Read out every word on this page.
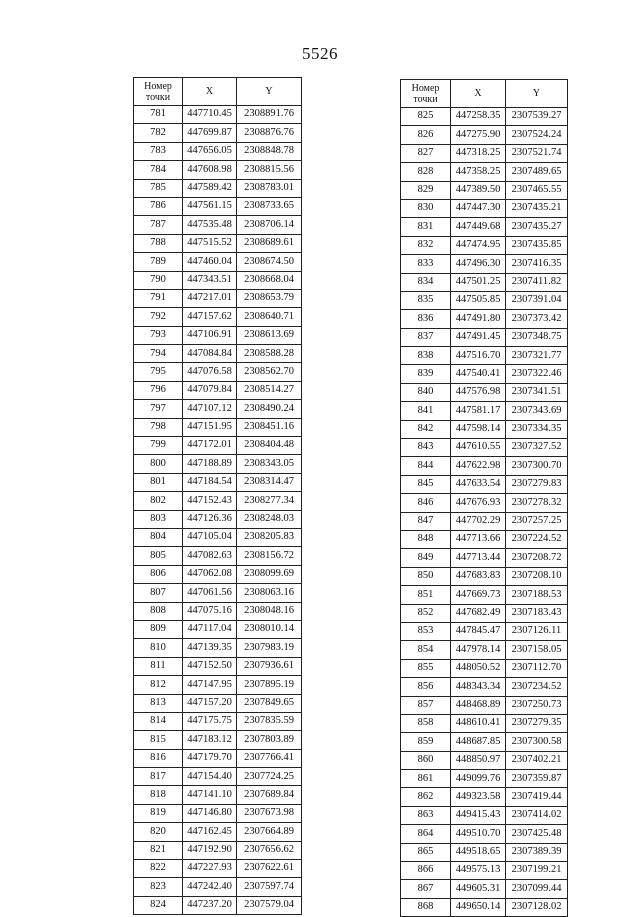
5526
Номер
точки	X	Y
781	447710.45	2308891.76
782	447699.87	2308876.76
783	447656.05	2308848.78
784	447608.98	2308815.56
785	447589.42	2308783.01
786	447561.15	2308733.65
787	447535.48	2308706.14
788	447515.52	2308689.61
789	447460.04	2308674.50
790	447343.51	2308668.04
791	447217.01	2308653.79
792	447157.62	2308640.71
793	447106.91	2308613.69
794	447084.84	2308588.28
795	447076.58	2308562.70
796	447079.84	2308514.27
797	447107.12	2308490.24
798	447151.95	2308451.16
799	447172.01	2308404.48
800	447188.89	2308343.05
801	447184.54	2308314.47
802	447152.43	2308277.34
803	447126.36	2308248.03
804	447105.04	2308205.83
805	447082.63	2308156.72
806	447062.08	2308099.69
807	447061.56	2308063.16
808	447075.16	2308048.16
809	447117.04	2308010.14
810	447139.35	2307983.19
811	447152.50	2307936.61
812	447147.95	2307895.19
813	447157.20	2307849.65
814	447175.75	2307835.59
815	447183.12	2307803.89
816	447179.70	2307766.41
817	447154.40	2307724.25
818	447141.10	2307689.84
819	447146.80	2307673.98
820	447162.45	2307664.89
821	447192.90	2307656.62
822	447227.93	2307622.61
823	447242.40	2307597.74
824	447237.20	2307579.04
Номер
точки	X	Y
825	447258.35	2307539.27
826	447275.90	2307524.24
827	447318.25	2307521.74
828	447358.25	2307489.65
829	447389.50	2307465.55
830	447447.30	2307435.21
831	447449.68	2307435.27
832	447474.95	2307435.85
833	447496.30	2307416.35
834	447501.25	2307411.82
835	447505.85	2307391.04
836	447491.80	2307373.42
837	447491.45	2307348.75
838	447516.70	2307321.77
839	447540.41	2307322.46
840	447576.98	2307341.51
841	447581.17	2307343.69
842	447598.14	2307334.35
843	447610.55	2307327.52
844	447622.98	2307300.70
845	447633.54	2307279.83
846	447676.93	2307278.32
847	447702.29	2307257.25
848	447713.66	2307224.52
849	447713.44	2307208.72
850	447683.83	2307208.10
851	447669.73	2307188.53
852	447682.49	2307183.43
853	447845.47	2307126.11
854	447978.14	2307158.05
855	448050.52	2307112.70
856	448343.34	2307234.52
857	448468.89	2307250.73
858	448610.41	2307279.35
859	448687.85	2307300.58
860	448850.97	2307402.21
861	449099.76	2307359.87
862	449323.58	2307419.44
863	449415.43	2307414.02
864	449510.70	2307425.48
865	449518.65	2307389.39
866	449575.13	2307199.21
867	449605.31	2307099.44
868	449650.14	2307128.02
